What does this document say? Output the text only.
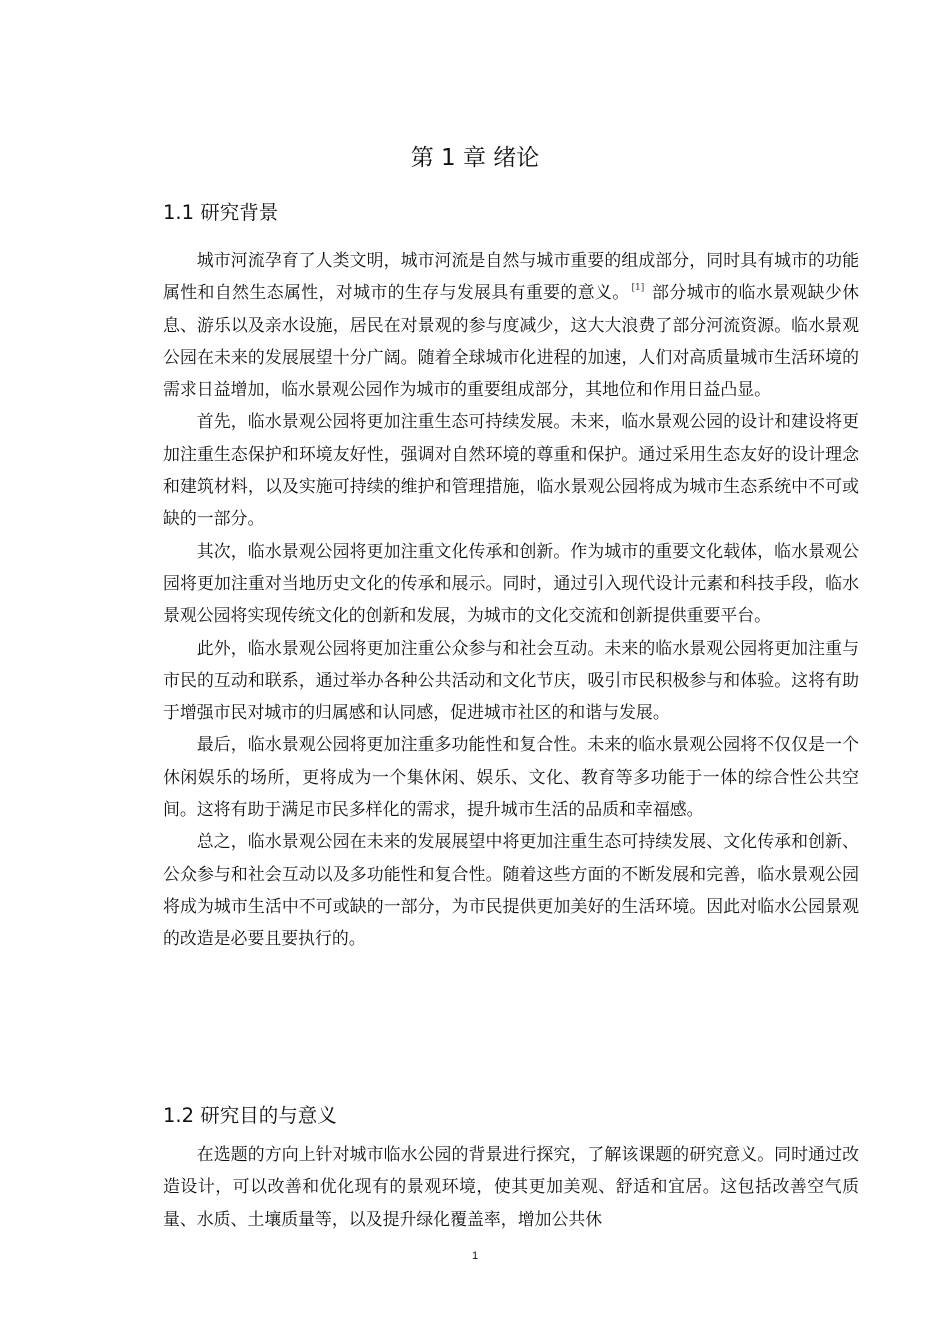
第 1 章 绪论
1.1 研究背景

城市河流孕育了人类文明，城市河流是自然与城市重要的组成部分，同时具有城市的功能属性和自然生态属性，对城市的生存与发展具有重要的意义。 [1] 部分城市的临水景观缺少休息、游乐以及亲水设施，居民在对景观的参与度减少，这大大浪费了部分河流资源。临水景观公园在未来的发展展望十分广阔。随着全球城市化进程的加速，人们对高质量城市生活环境的需求日益增加，临水景观公园作为城市的重要组成部分，其地位和作用日益凸显。

首先，临水景观公园将更加注重生态可持续发展。未来，临水景观公园的设计和建设将更加注重生态保护和环境友好性，强调对自然环境的尊重和保护。通过采用生态友好的设计理念和建筑材料，以及实施可持续的维护和管理措施，临水景观公园将成为城市生态系统中不可或缺的一部分。

其次，临水景观公园将更加注重文化传承和创新。作为城市的重要文化载体，临水景观公园将更加注重对当地历史文化的传承和展示。同时，通过引入现代设计元素和科技手段，临水景观公园将实现传统文化的创新和发展，为城市的文化交流和创新提供重要平台。

此外，临水景观公园将更加注重公众参与和社会互动。未来的临水景观公园将更加注重与市民的互动和联系，通过举办各种公共活动和文化节庆，吸引市民积极参与和体验。这将有助于增强市民对城市的归属感和认同感，促进城市社区的和谐与发展。

最后，临水景观公园将更加注重多功能性和复合性。未来的临水景观公园将不仅仅是一个休闲娱乐的场所，更将成为一个集休闲、娱乐、文化、教育等多功能于一体的综合性公共空间。这将有助于满足市民多样化的需求，提升城市生活的品质和幸福感。

总之，临水景观公园在未来的发展展望中将更加注重生态可持续发展、文化传承和创新、公众参与和社会互动以及多功能性和复合性。随着这些方面的不断发展和完善，临水景观公园将成为城市生活中不可或缺的一部分，为市民提供更加美好的生活环境。因此对临水公园景观的改造是必要且要执行的。

1.2 研究目的与意义

在选题的方向上针对城市临水公园的背景进行探究，了解该课题的研究意义。同时通过改造设计，可以改善和优化现有的景观环境，使其更加美观、舒适和宜居。这包括改善空气质量、水质、土壤质量等，以及提升绿化覆盖率，增加公共休

1
